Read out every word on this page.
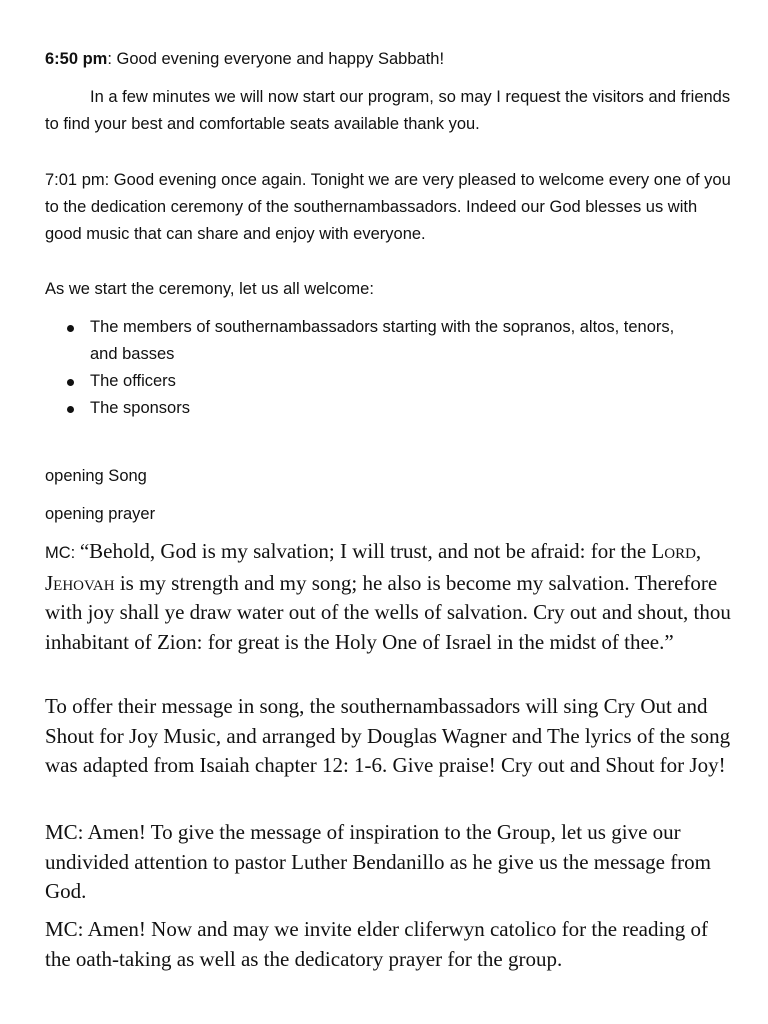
6:50 pm: Good evening everyone and happy Sabbath!

In a few minutes we will now start our program, so may I request the visitors and friends to find your best and comfortable seats available thank you.

7:01 pm: Good evening once again. Tonight we are very pleased to welcome every one of you to the dedication ceremony of the southernambassadors. Indeed our God blesses us with good music that can share and enjoy with everyone.

As we start the ceremony, let us all welcome:

The members of southernambassadors starting with the sopranos, altos, tenors, and basses
The officers
The sponsors

opening Song

opening prayer

MC: “Behold, God is my salvation; I will trust, and not be afraid: for the Lord, Jehovah is my strength and my song; he also is become my salvation. Therefore with joy shall ye draw water out of the wells of salvation. Cry out and shout, thou inhabitant of Zion: for great is the Holy One of Israel in the midst of thee.”

To offer their message in song, the southernambassadors will sing Cry Out and Shout for Joy Music, and arranged by Douglas Wagner and The lyrics of the song was adapted from Isaiah chapter 12: 1-6. Give praise! Cry out and Shout for Joy!

MC: Amen! To give the message of inspiration to the Group, let us give our undivided attention to pastor Luther Bendanillo as he give us the message from God.

MC: Amen! Now and may we invite elder cliferwyn catolico for the reading of the oath-taking as well as the dedicatory prayer for the group.
